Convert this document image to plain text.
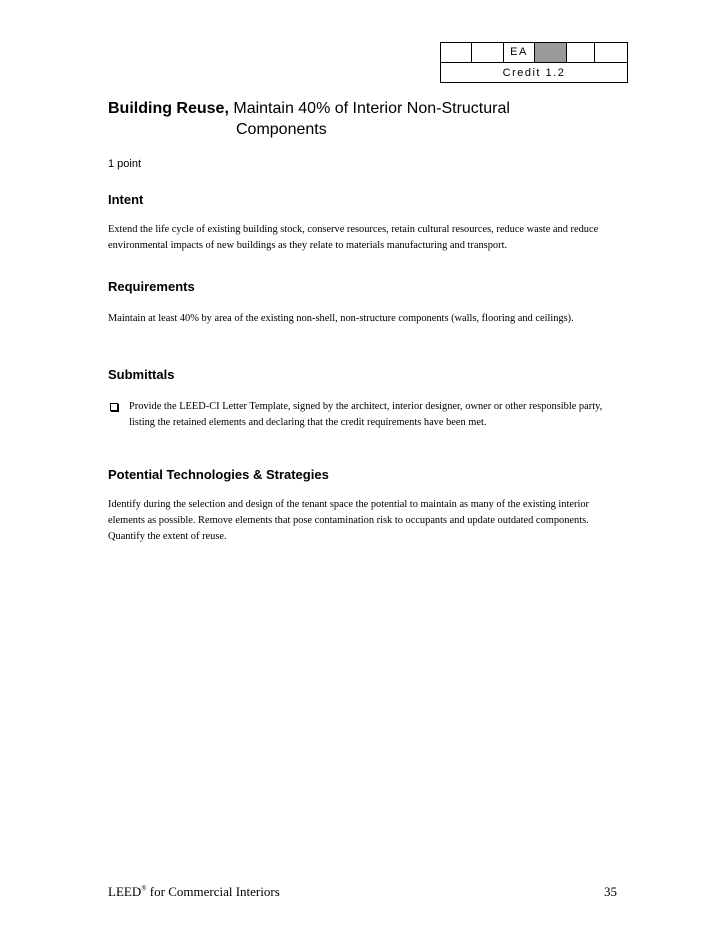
EA
Credit 1.2
Building Reuse, Maintain 40% of Interior Non-Structural
Components
1 point
Intent
Extend the life cycle of existing building stock, conserve resources, retain cultural resources, reduce waste and reduce environmental impacts of new buildings as they relate to materials manufacturing and transport.
Requirements
Maintain at least 40% by area of the existing non-shell, non-structure components (walls, flooring and ceilings).
Submittals
Provide the LEED-CI Letter Template, signed by the architect, interior designer, owner or other responsible party, listing the retained elements and declaring that the credit requirements have been met.
Potential Technologies & Strategies
Identify during the selection and design of the tenant space the potential to maintain as many of the existing interior elements as possible. Remove elements that pose contamination risk to occupants and update outdated components. Quantify the extent of reuse.
LEED® for Commercial Interiors	35
